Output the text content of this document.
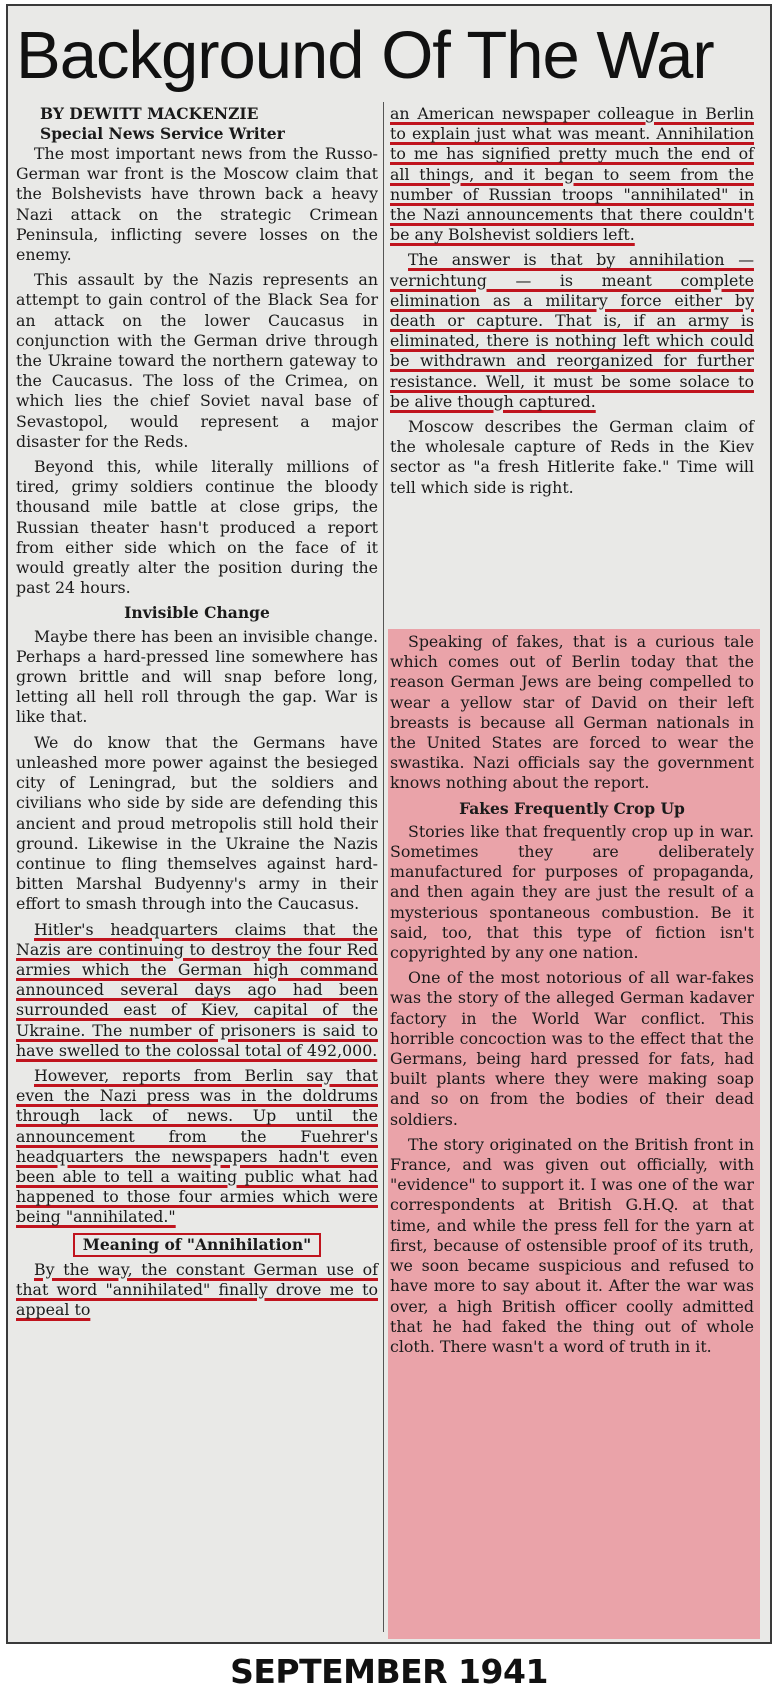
Background Of The War
BY DEWITT MACKENZIE
Special News Service Writer

The most important news from the Russo-German war front is the Moscow claim that the Bolshevists have thrown back a heavy Nazi attack on the strategic Crimean Peninsula, inflicting severe losses on the enemy.

This assault by the Nazis represents an attempt to gain control of the Black Sea for an attack on the lower Caucasus in conjunction with the German drive through the Ukraine toward the northern gateway to the Caucasus. The loss of the Crimea, on which lies the chief Soviet naval base of Sevastopol, would represent a major disaster for the Reds.

Beyond this, while literally millions of tired, grimy soldiers continue the bloody thousand mile battle at close grips, the Russian theater hasn't produced a report from either side which on the face of it would greatly alter the position during the past 24 hours.

Invisible Change

Maybe there has been an invisible change. Perhaps a hard-pressed line somewhere has grown brittle and will snap before long, letting all hell roll through the gap. War is like that.

We do know that the Germans have unleashed more power against the besieged city of Leningrad, but the soldiers and civilians who side by side are defending this ancient and proud metropolis still hold their ground. Likewise in the Ukraine the Nazis continue to fling themselves against hard-bitten Marshal Budyenny's army in their effort to smash through into the Caucasus.

Hitler's headquarters claims that the Nazis are continuing to destroy the four Red armies which the German high command announced several days ago had been surrounded east of Kiev, capital of the Ukraine. The number of prisoners is said to have swelled to the colossal total of 492,000.

However, reports from Berlin say that even the Nazi press was in the doldrums through lack of news. Up until the announcement from the Fuehrer's headquarters the newspapers hadn't even been able to tell a waiting public what had happened to those four armies which were being "annihilated."

Meaning of "Annihilation"

By the way, the constant German use of that word "annihilated" finally drove me to appeal to

an American newspaper colleague in Berlin to explain just what was meant. Annihilation to me has signified pretty much the end of all things, and it began to seem from the number of Russian troops "annihilated" in the Nazi announcements that there couldn't be any Bolshevist soldiers left.

The answer is that by annihilation — vernichtung — is meant complete elimination as a military force either by death or capture. That is, if an army is eliminated, there is nothing left which could be withdrawn and reorganized for further resistance. Well, it must be some solace to be alive though captured.

Moscow describes the German claim of the wholesale capture of Reds in the Kiev sector as "a fresh Hitlerite fake." Time will tell which side is right.

Speaking of fakes, that is a curious tale which comes out of Berlin today that the reason German Jews are being compelled to wear a yellow star of David on their left breasts is because all German nationals in the United States are forced to wear the swastika. Nazi officials say the government knows nothing about the report.

Fakes Frequently Crop Up

Stories like that frequently crop up in war. Sometimes they are deliberately manufactured for purposes of propaganda, and then again they are just the result of a mysterious spontaneous combustion. Be it said, too, that this type of fiction isn't copyrighted by any one nation.

One of the most notorious of all war-fakes was the story of the alleged German kadaver factory in the World War conflict. This horrible concoction was to the effect that the Germans, being hard pressed for fats, had built plants where they were making soap and so on from the bodies of their dead soldiers.

The story originated on the British front in France, and was given out officially, with "evidence" to support it. I was one of the war correspondents at British G.H.Q. at that time, and while the press fell for the yarn at first, because of ostensible proof of its truth, we soon became suspicious and refused to have more to say about it. After the war was over, a high British officer coolly admitted that he had faked the thing out of whole cloth. There wasn't a word of truth in it.

SEPTEMBER 1941
